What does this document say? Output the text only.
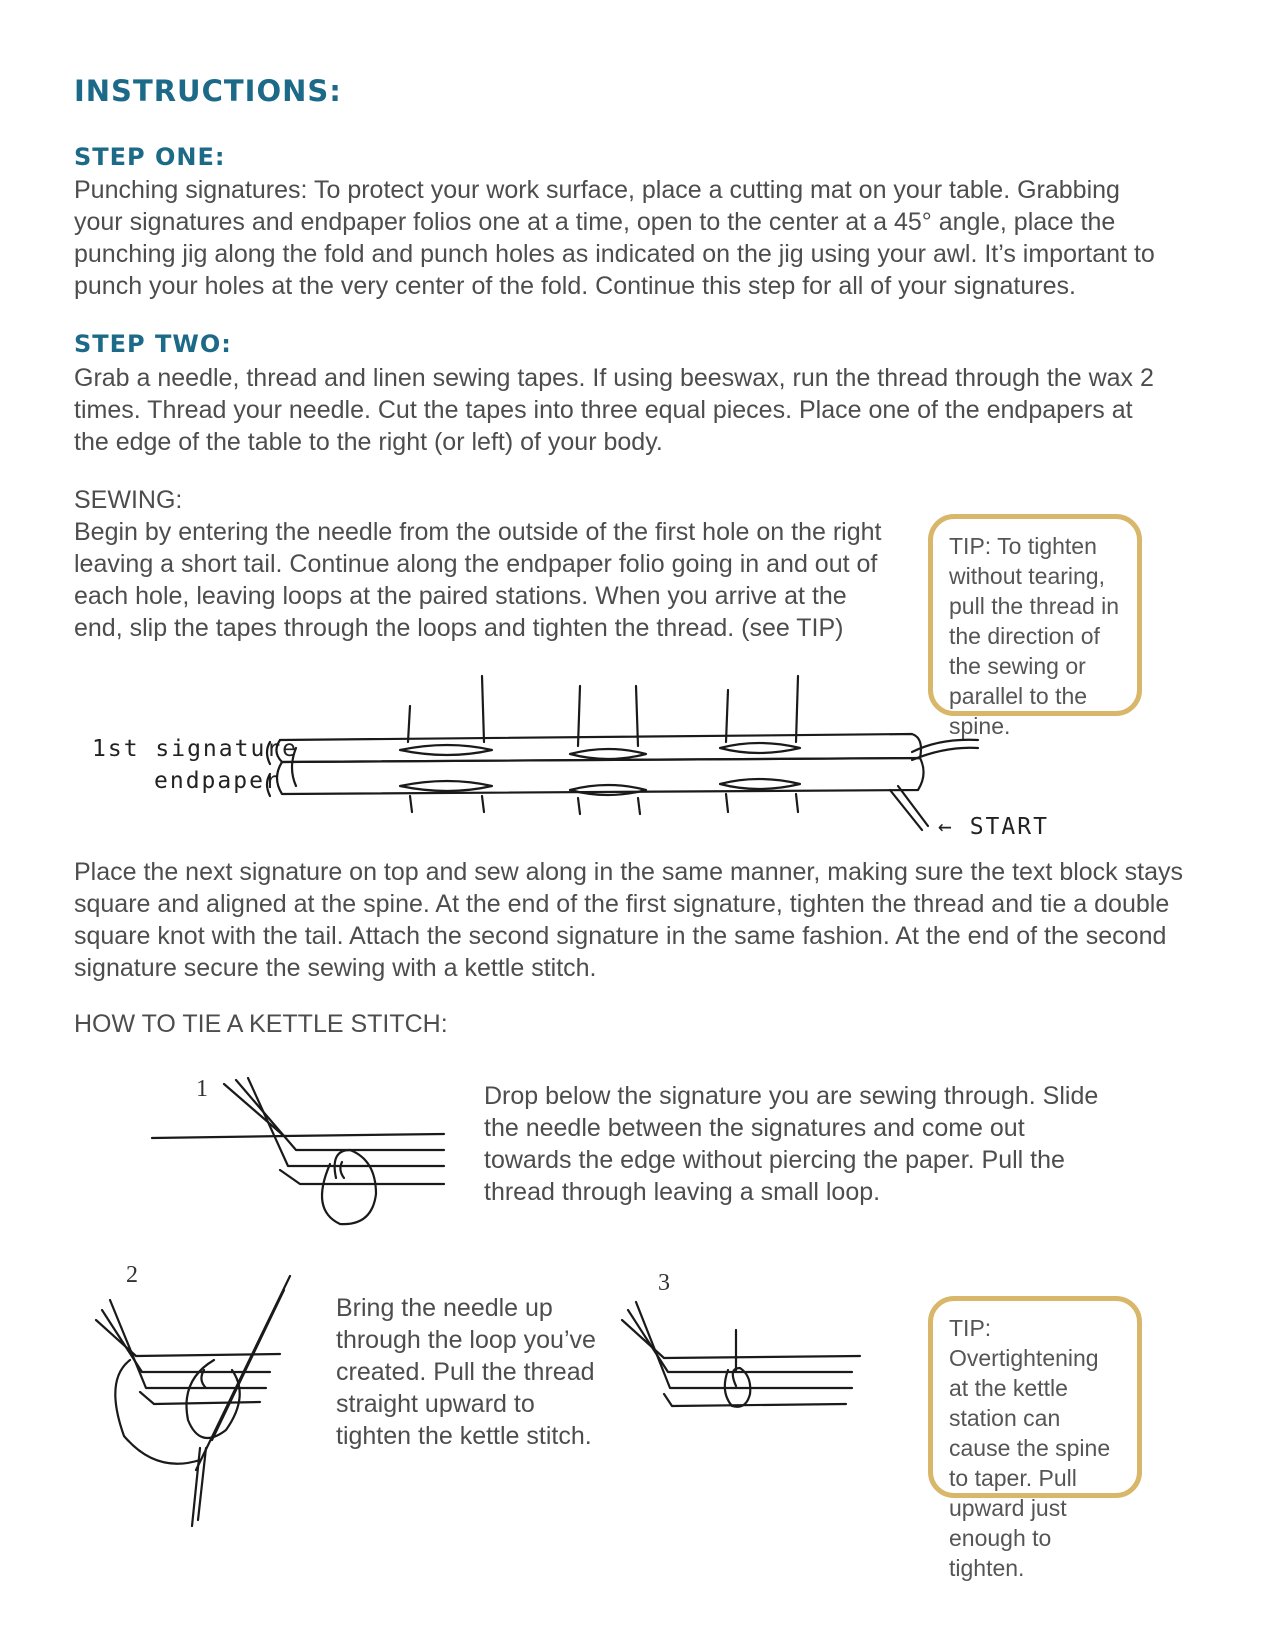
INSTRUCTIONS:
STEP ONE:
Punching signatures: To protect your work surface, place a cutting mat on your table. Grabbing your signatures and endpaper folios one at a time, open to the center at a 45° angle, place the punching jig along the fold and punch holes as indicated on the jig using your awl. It’s important to punch your holes at the very center of the fold. Continue this step for all of your signatures.
STEP TWO:
Grab a needle, thread and linen sewing tapes. If using beeswax, run the thread through the wax 2 times. Thread your needle. Cut the tapes into three equal pieces. Place one of the endpapers at the edge of the table to the right (or left) of your body.
SEWING:
Begin by entering the needle from the outside of the first hole on the right leaving a short tail. Continue along the endpaper folio going in and out of each hole, leaving loops at the paired stations. When you arrive at the end, slip the tapes through the loops and tighten the thread. (see TIP)
TIP: To tighten without tearing, pull the thread in the direction of the sewing or parallel to the spine.
1st signature
endpaper
← START
Place the next signature on top and sew along in the same manner, making sure the text block stays square and aligned at the spine. At the end of the first signature, tighten the thread and tie a double square knot with the tail. Attach the second signature in the same fashion. At the end of the second signature secure the sewing with a kettle stitch.
HOW TO TIE A KETTLE STITCH:
1	Drop below the signature you are sewing through. Slide the needle between the signatures and come out towards the edge without piercing the paper. Pull the thread through leaving a small loop.
2
Bring the needle up through the loop you’ve created. Pull the thread straight upward to tighten the kettle stitch.
3
TIP: Overtightening at the kettle station can cause the spine to taper. Pull upward just enough to tighten.
